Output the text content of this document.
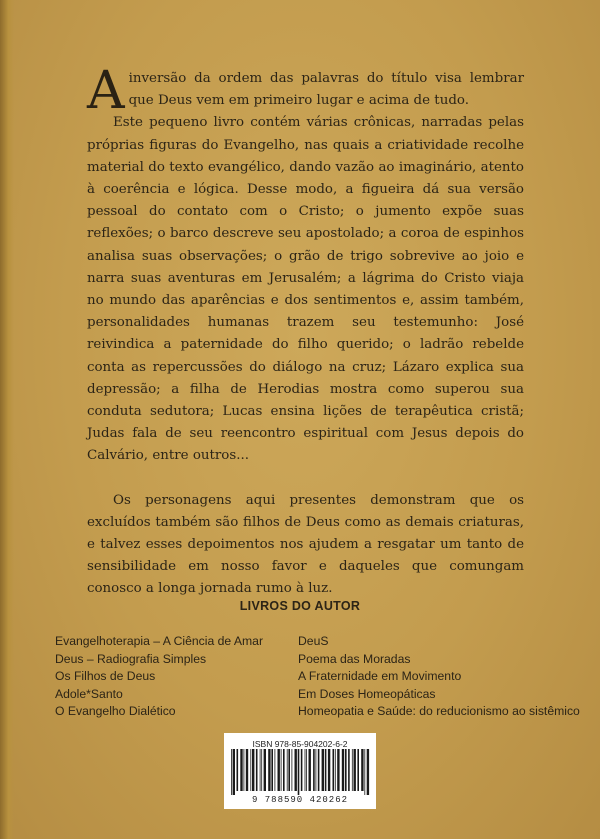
Ainversão da ordem das palavras do título visa lembrar que Deus vem em primeiro lugar e acima de tudo.

Este pequeno livro contém várias crônicas, narradas pelas próprias figuras do Evangelho, nas quais a criatividade recolhe material do texto evangélico, dando vazão ao imaginário, atento à coerência e lógica. Desse modo, a figueira dá sua versão pessoal do contato com o Cristo; o jumento expõe suas reflexões; o barco descreve seu apostolado; a coroa de espinhos analisa suas observações; o grão de trigo sobrevive ao joio e narra suas aventuras em Jerusalém; a lágrima do Cristo viaja no mundo das aparências e dos sentimentos e, assim também, personalidades humanas trazem seu testemunho: José reivindica a paternidade do filho querido; o ladrão rebelde conta as repercussões do diálogo na cruz; Lázaro explica sua depressão; a filha de Herodias mostra como superou sua conduta sedutora; Lucas ensina lições de terapêutica cristã; Judas fala de seu reencontro espiritual com Jesus depois do Calvário, entre outros...

Os personagens aqui presentes demonstram que os excluídos também são filhos de Deus como as demais criaturas, e talvez esses depoimentos nos ajudem a resgatar um tanto de sensibilidade em nosso favor e daqueles que comungam conosco a longa jornada rumo à luz.

LIVROS DO AUTOR
Evangelhoterapia – A Ciência de Amar
Deus – Radiografia Simples
Os Filhos de Deus
Adole*Santo
O Evangelho Dialético
DeuS
Poema das Moradas
A Fraternidade em Movimento
Em Doses Homeopáticas
Homeopatia e Saúde: do reducionismo ao sistêmico
ISBN 978-85-904202-6-2
9 788590 420262
